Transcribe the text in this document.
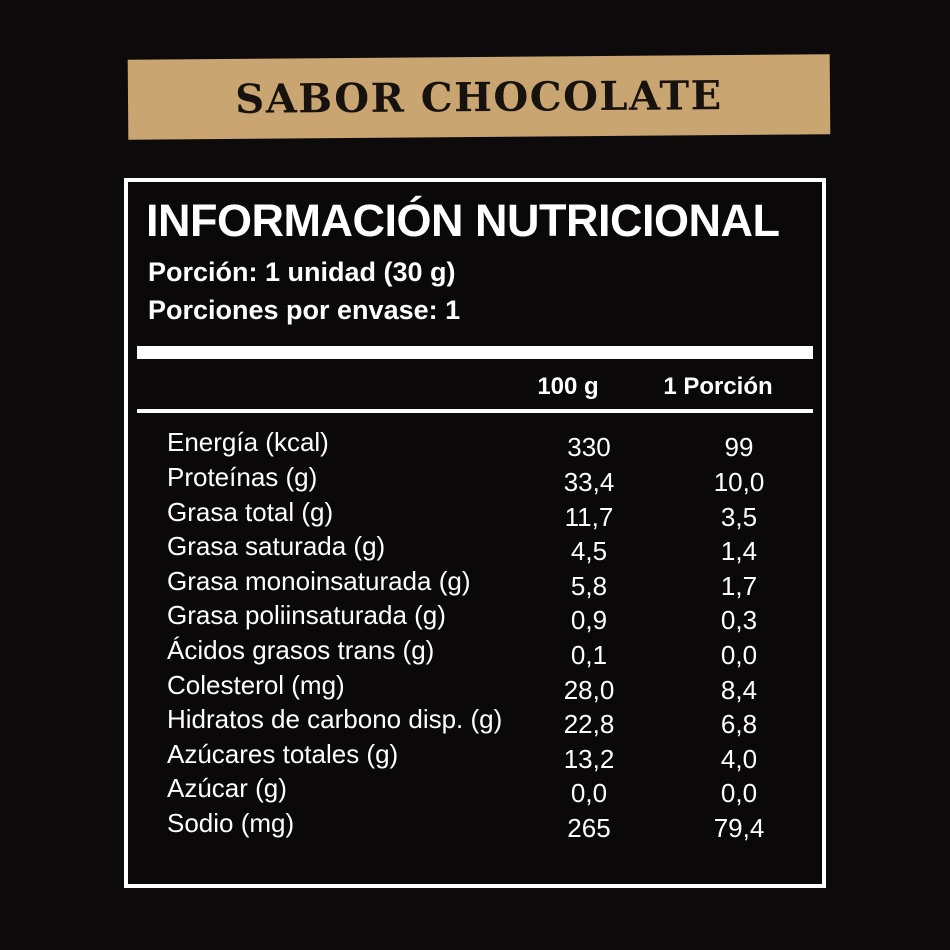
SABOR CHOCOLATE
INFORMACIÓN NUTRICIONAL
Porción: 1 unidad (30 g)
Porciones por envase: 1
100 g	1 Porción
Energía (kcal)	330	99
Proteínas (g)	33,4	10,0
Grasa total (g)	11,7	3,5
Grasa saturada (g)	4,5	1,4
Grasa monoinsaturada (g)	5,8	1,7
Grasa poliinsaturada (g)	0,9	0,3
Ácidos grasos trans (g)	0,1	0,0
Colesterol (mg)	28,0	8,4
Hidratos de carbono disp. (g)	22,8	6,8
Azúcares totales (g)	13,2	4,0
Azúcar (g)	0,0	0,0
Sodio (mg)	265	79,4
